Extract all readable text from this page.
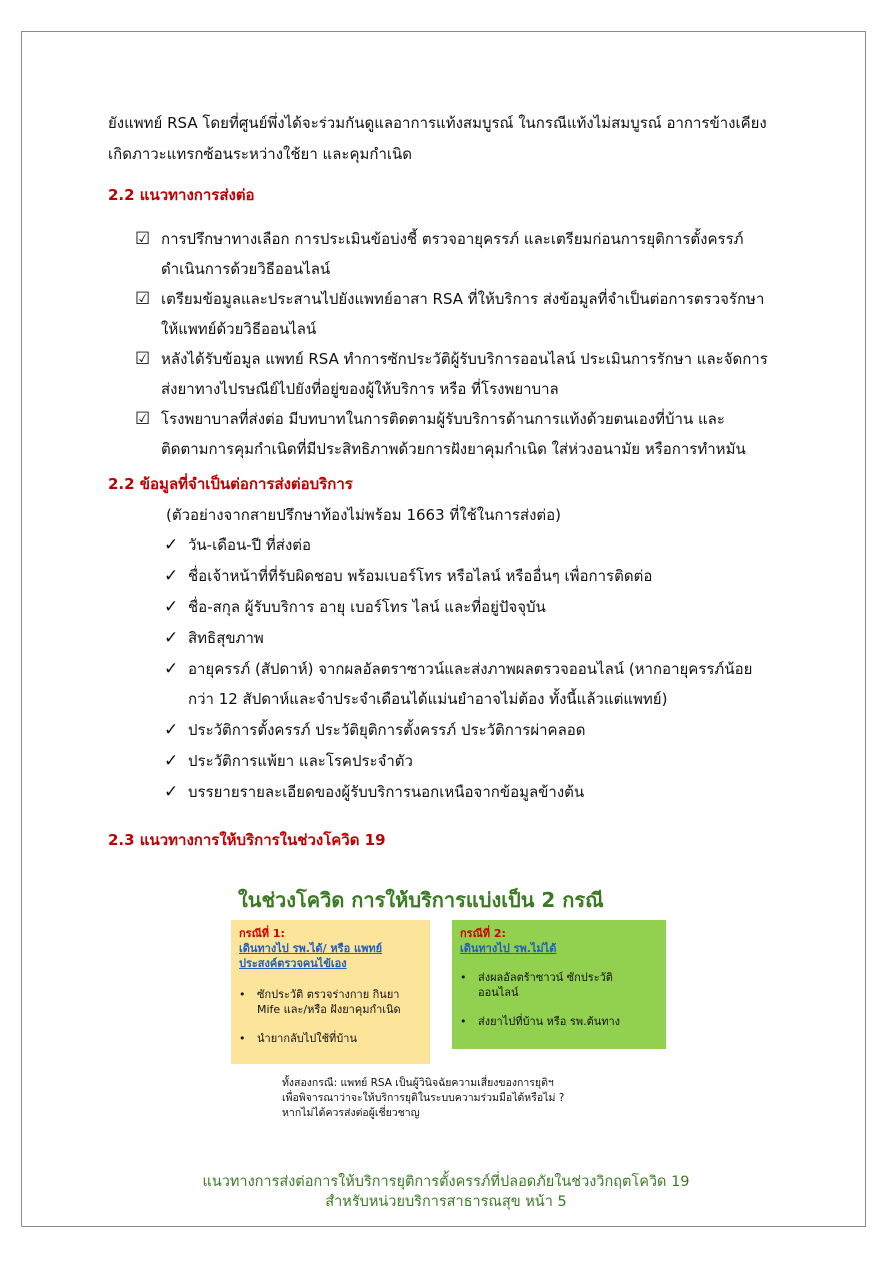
ยังแพทย์ RSA โดยที่ศูนย์พึ่งได้จะร่วมกันดูแลอาการแท้งสมบูรณ์ ในกรณีแท้งไม่สมบูรณ์ อาการข้างเคียง
เกิดภาวะแทรกซ้อนระหว่างใช้ยา และคุมกำเนิด
2.2 แนวทางการส่งต่อ
☑ การปรึกษาทางเลือก การประเมินข้อบ่งชี้ ตรวจอายุครรภ์ และเตรียมก่อนการยุติการตั้งครรภ์
ดำเนินการด้วยวิธีออนไลน์
☑ เตรียมข้อมูลและประสานไปยังแพทย์อาสา RSA ที่ให้บริการ ส่งข้อมูลที่จำเป็นต่อการตรวจรักษา
ให้แพทย์ด้วยวิธีออนไลน์
☑ หลังได้รับข้อมูล แพทย์ RSA ทำการซักประวัติผู้รับบริการออนไลน์ ประเมินการรักษา และจัดการ
ส่งยาทางไปรษณีย์ไปยังที่อยู่ของผู้ให้บริการ หรือ ที่โรงพยาบาล
☑ โรงพยาบาลที่ส่งต่อ มีบทบาทในการติดตามผู้รับบริการด้านการแท้งด้วยตนเองที่บ้าน และ
ติดตามการคุมกำเนิดที่มีประสิทธิภาพด้วยการฝังยาคุมกำเนิด ใส่ห่วงอนามัย หรือการทำหมัน
2.2 ข้อมูลที่จำเป็นต่อการส่งต่อบริการ
(ตัวอย่างจากสายปรึกษาท้องไม่พร้อม 1663 ที่ใช้ในการส่งต่อ)
✓ วัน-เดือน-ปี ที่ส่งต่อ
✓ ชื่อเจ้าหน้าที่ที่รับผิดชอบ พร้อมเบอร์โทร หรือไลน์ หรืออื่นๆ เพื่อการติดต่อ
✓ ชื่อ-สกุล ผู้รับบริการ อายุ เบอร์โทร ไลน์ และที่อยู่ปัจจุบัน
✓ สิทธิสุขภาพ
✓ อายุครรภ์ (สัปดาห์) จากผลอัลตราซาวน์และส่งภาพผลตรวจออนไลน์ (หากอายุครรภ์น้อย
กว่า 12 สัปดาห์และจำประจำเดือนได้แม่นยำอาจไม่ต้อง ทั้งนี้แล้วแต่แพทย์)
✓ ประวัติการตั้งครรภ์ ประวัติยุติการตั้งครรภ์ ประวัติการผ่าคลอด
✓ ประวัติการแพ้ยา และโรคประจำตัว
✓ บรรยายรายละเอียดของผู้รับบริการนอกเหนือจากข้อมูลข้างต้น
2.3 แนวทางการให้บริการในช่วงโควิด 19
ในช่วงโควิด การให้บริการแบ่งเป็น 2 กรณี
กรณีที่ 1:
เดินทางไป รพ.ได้/ หรือ แพทย์
ประสงค์ตรวจคนไข้เอง
•	ซักประวัติ ตรวจร่างกาย กินยา
Mife และ/หรือ ฝังยาคุมกำเนิด
•	นำยากลับไปใช้ที่บ้าน
กรณีที่ 2:
เดินทางไป รพ.ไม่ได้
•	ส่งผลอัลตร้าซาวน์ ซักประวัติ
ออนไลน์
•	ส่งยาไปที่บ้าน หรือ รพ.ต้นทาง
ทั้งสองกรณี: แพทย์ RSA เป็นผู้วินิจฉัยความเสี่ยงของการยุติฯ
เพื่อพิจารณาว่าจะให้บริการยุติในระบบความร่วมมือได้หรือไม่ ?
หากไม่ได้ควรส่งต่อผู้เชี่ยวชาญ
แนวทางการส่งต่อการให้บริการยุติการตั้งครรภ์ที่ปลอดภัยในช่วงวิกฤตโควิด 19
สำหรับหน่วยบริการสาธารณสุข หน้า 5
